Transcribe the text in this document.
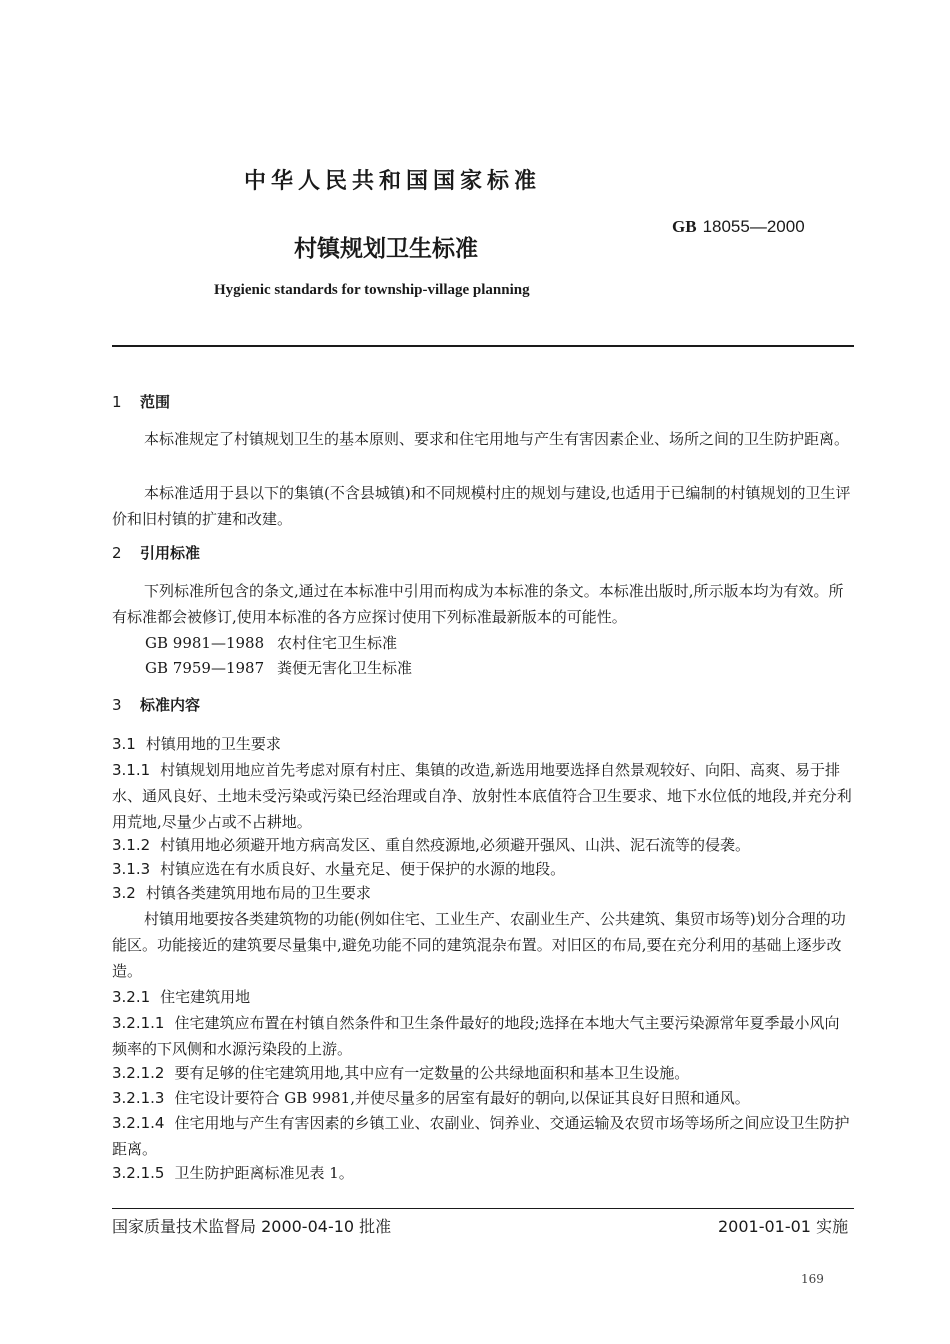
中华人民共和国国家标准
GB 18055—2000
村镇规划卫生标准
Hygienic standards for township-village planning
1 范围
本标准规定了村镇规划卫生的基本原则、要求和住宅用地与产生有害因素企业、场所之间的卫生防护距离。
本标准适用于县以下的集镇(不含县城镇)和不同规模村庄的规划与建设,也适用于已编制的村镇规划的卫生评价和旧村镇的扩建和改建。
2 引用标准
下列标准所包含的条文,通过在本标准中引用而构成为本标准的条文。本标准出版时,所示版本均为有效。所有标准都会被修订,使用本标准的各方应探讨使用下列标准最新版本的可能性。
GB 9981—1988 农村住宅卫生标准
GB 7959—1987 粪便无害化卫生标准
3 标准内容
3.1 村镇用地的卫生要求
3.1.1 村镇规划用地应首先考虑对原有村庄、集镇的改造,新选用地要选择自然景观较好、向阳、高爽、易于排水、通风良好、土地未受污染或污染已经治理或自净、放射性本底值符合卫生要求、地下水位低的地段,并充分利用荒地,尽量少占或不占耕地。
3.1.2 村镇用地必须避开地方病高发区、重自然疫源地,必须避开强风、山洪、泥石流等的侵袭。
3.1.3 村镇应选在有水质良好、水量充足、便于保护的水源的地段。
3.2 村镇各类建筑用地布局的卫生要求
村镇用地要按各类建筑物的功能(例如住宅、工业生产、农副业生产、公共建筑、集贸市场等)划分合理的功能区。功能接近的建筑要尽量集中,避免功能不同的建筑混杂布置。对旧区的布局,要在充分利用的基础上逐步改造。
3.2.1 住宅建筑用地
3.2.1.1 住宅建筑应布置在村镇自然条件和卫生条件最好的地段;选择在本地大气主要污染源常年夏季最小风向频率的下风侧和水源污染段的上游。
3.2.1.2 要有足够的住宅建筑用地,其中应有一定数量的公共绿地面积和基本卫生设施。
3.2.1.3 住宅设计要符合 GB 9981,并使尽量多的居室有最好的朝向,以保证其良好日照和通风。
3.2.1.4 住宅用地与产生有害因素的乡镇工业、农副业、饲养业、交通运输及农贸市场等场所之间应设卫生防护距离。
3.2.1.5 卫生防护距离标准见表 1。
国家质量技术监督局 2000-04-10 批准	2001-01-01 实施
169
